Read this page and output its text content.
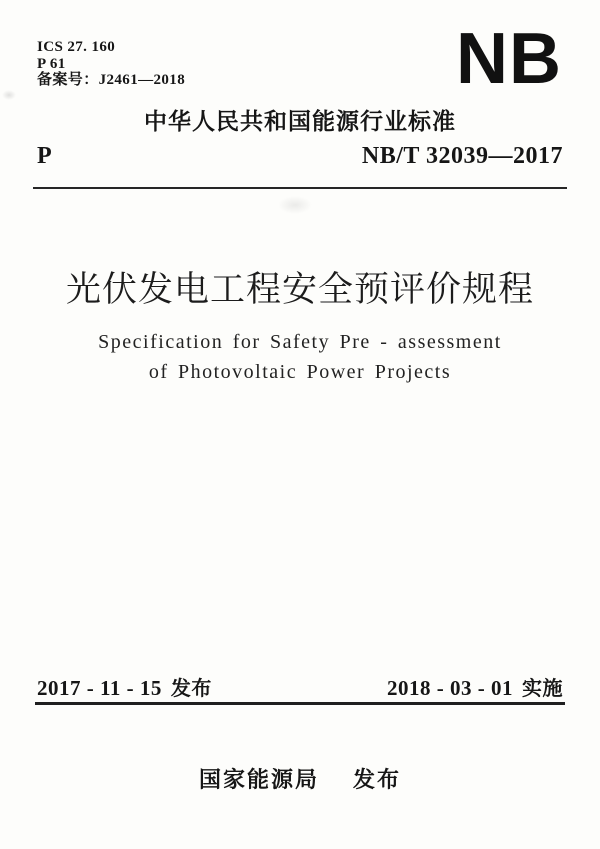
ICS 27. 160
P 61
备案号：J2461—2018	NB
中华人民共和国能源行业标准
P	NB/T 32039—2017
光伏发电工程安全预评价规程
Specification for Safety Pre - assessment
of Photovoltaic Power Projects
2017 - 11 - 15 发布	2018 - 03 - 01 实施
国家能源局 发布
